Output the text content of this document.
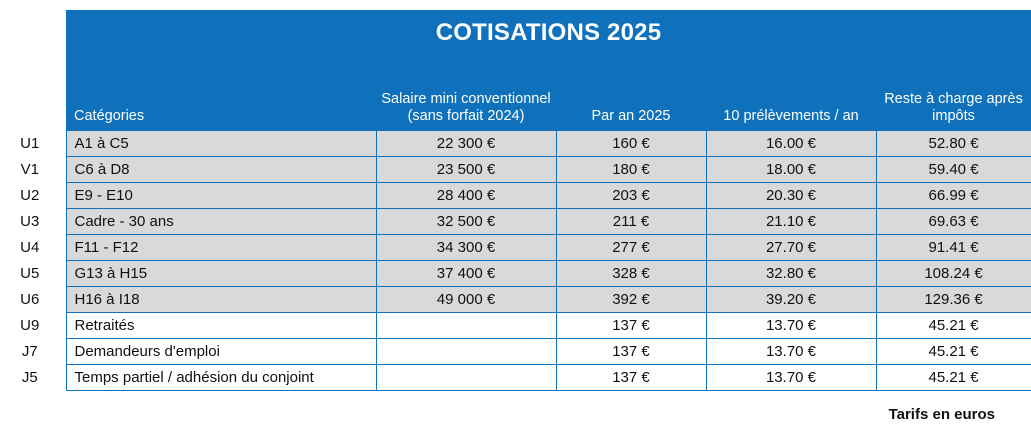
	COTISATIONS 2025				
	Catégories	Salaire mini conventionnel (sans forfait 2024)	Par an 2025	10 prélèvements / an	Reste à charge après impôts
U1	A1 à C5	22 300 €	160 €	16.00 €	52.80 €
V1	C6 à D8	23 500 €	180 €	18.00 €	59.40 €
U2	E9 - E10	28 400 €	203 €	20.30 €	66.99 €
U3	Cadre - 30 ans	32 500 €	211 €	21.10 €	69.63 €
U4	F11 - F12	34 300 €	277 €	27.70 €	91.41 €
U5	G13 à H15	37 400 €	328 €	32.80 €	108.24 €
U6	H16 à I18	49 000 €	392 €	39.20 €	129.36 €
U9	Retraités		137 €	13.70 €	45.21 €
J7	Demandeurs d'emploi		137 €	13.70 €	45.21 €
J5	Temps partiel / adhésion du conjoint		137 €	13.70 €	45.21 €
Tarifs en euros
